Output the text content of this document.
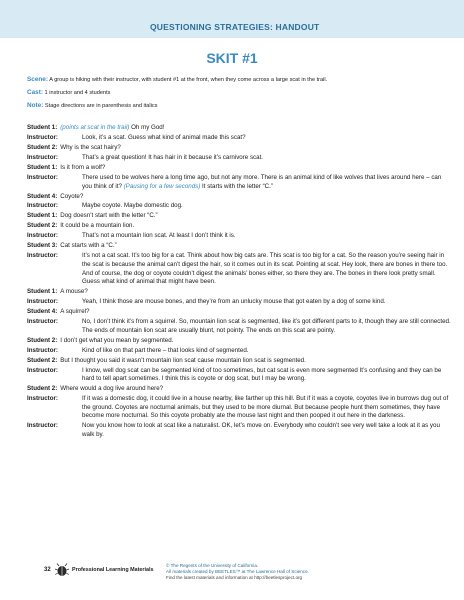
QUESTIONING STRATEGIES: HANDOUT
SKIT #1
Scene: A group is hiking with their instructor, with student #1 at the front, when they come across a large scat in the trail.
Cast: 1 instructor and 4 students
Note: Stage directions are in parenthesis and italics
Student 1: (points at scat in the trail) Oh my God!
Instructor:	Look, it’s a scat. Guess what kind of animal made this scat?
Student 2: Why is the scat hairy?
Instructor:	That’s a great question! It has hair in it because it’s carnivore scat.
Student 1: Is it from a wolf?
Instructor:	There used to be wolves here a long time ago, but not any more. There is an animal kind of like wolves that lives around here – can you think of it? (Pausing for a few seconds) It starts with the letter “C.”
Student 4: Coyote?
Instructor:	Maybe coyote. Maybe domestic dog.
Student 1: Dog doesn’t start with the letter “C.”
Student 2: It could be a mountain lion.
Instructor:	That’s not a mountain lion scat. At least I don’t think it is.
Student 3: Cat starts with a “C.”
Instructor:	It’s not a cat scat. It’s too big for a cat. Think about how big cats are. This scat is too big for a cat. So the reason you’re seeing hair in the scat is because the animal can’t digest the hair, so it comes out in its scat. Pointing at scat. Hey look, there are bones in there too. And of course, the dog or coyote couldn’t digest the animals’ bones either, so there they are. The bones in there look pretty small. Guess what kind of animal that might have been.
Student 1: A mouse?
Instructor:	Yeah, I think those are mouse bones, and they’re from an unlucky mouse that got eaten by a dog of some kind.
Student 4: A squirrel?
Instructor:	No, I don’t think it’s from a squirrel. So, mountain lion scat is segmented, like it’s got different parts to it, though they are still connected. The ends of mountain lion scat are usually blunt, not pointy. The ends on this scat are pointy.
Student 2: I don’t get what you mean by segmented.
Instructor:	Kind of like on that part there – that looks kind of segmented.
Student 2: But I thought you said it wasn’t mountain lion scat cause mountain lion scat is segmented.
Instructor:	I know, well dog scat can be segmented kind of too sometimes, but cat scat is even more segmented It’s confusing and they can be hard to tell apart sometimes. I think this is coyote or dog scat, but I may be wrong.
Student 2: Where would a dog live around here?
Instructor:	If it was a domestic dog, it could live in a house nearby, like farther up this hill. But if it was a coyote, coyotes live in burrows dug out of the ground. Coyotes are nocturnal animals, but they used to be more diurnal. But because people hunt them sometimes, they have become more nocturnal. So this coyote probably ate the mouse last night and then pooped it out here in the darkness.
Instructor:	Now you know how to look at scat like a naturalist. OK, let’s move on. Everybody who couldn’t see very well take a look at it as you walk by.
32	Professional Learning Materials
© The Regents of the University of California.
All materials created by BEETLES™ at The Lawrence Hall of Science.
Find the latest materials and information at http://beetlesproject.org
